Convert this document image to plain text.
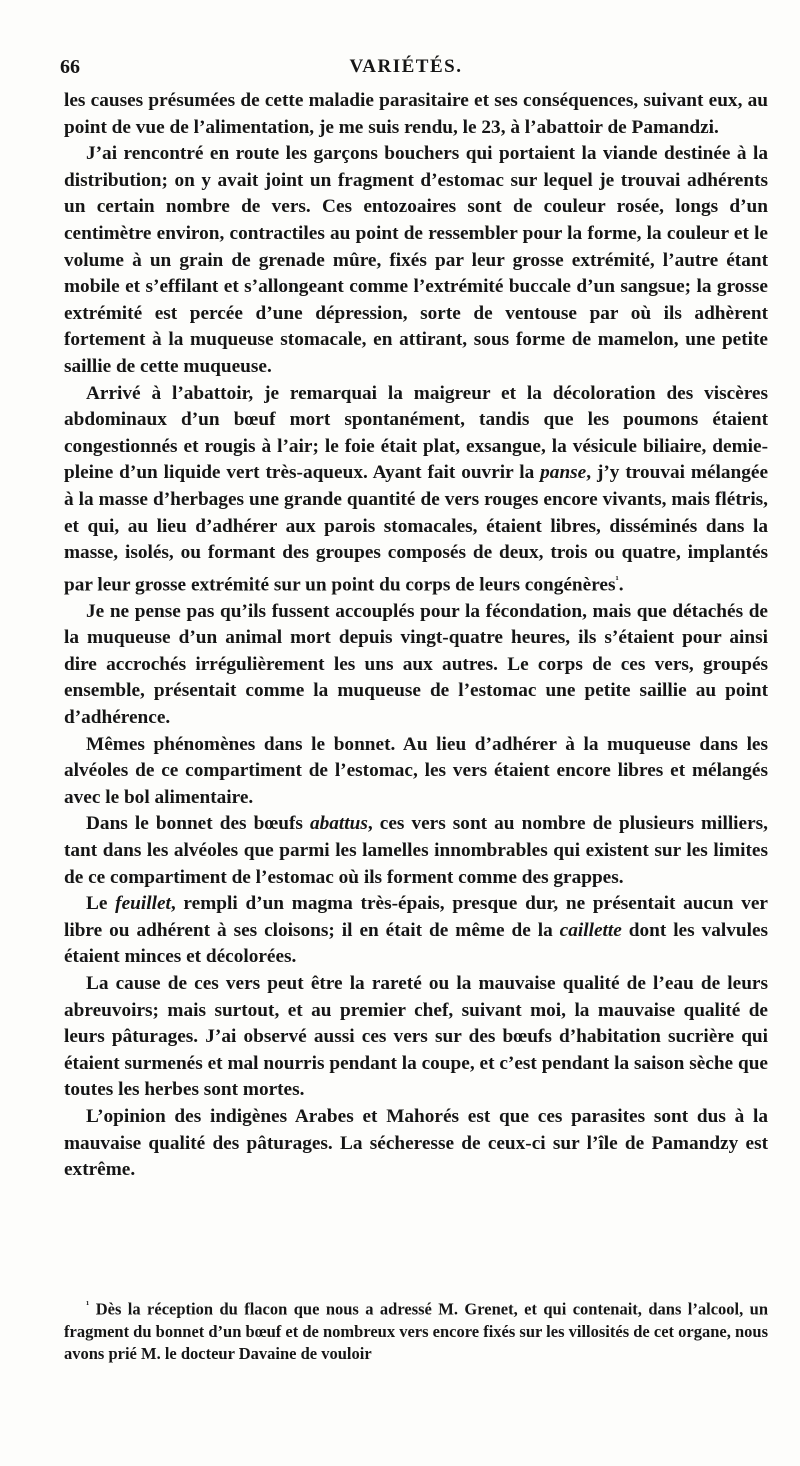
66	VARIÉTÉS.

les causes présumées de cette maladie parasitaire et ses conséquences, suivant eux, au point de vue de l’alimentation, je me suis rendu, le 23, à l’abattoir de Pamandzi.

J’ai rencontré en route les garçons bouchers qui portaient la viande destinée à la distribution; on y avait joint un fragment d’estomac sur lequel je trouvai adhérents un certain nombre de vers. Ces entozoaires sont de couleur rosée, longs d’un centimètre environ, contractiles au point de ressembler pour la forme, la couleur et le volume à un grain de grenade mûre, fixés par leur grosse extrémité, l’autre étant mobile et s’effilant et s’allongeant comme l’extrémité buccale d’un sangsue; la grosse extrémité est percée d’une dépression, sorte de ventouse par où ils adhèrent fortement à la muqueuse stomacale, en attirant, sous forme de mamelon, une petite saillie de cette muqueuse.

Arrivé à l’abattoir, je remarquai la maigreur et la décoloration des viscères abdominaux d’un bœuf mort spontanément, tandis que les poumons étaient congestionnés et rougis à l’air; le foie était plat, exsangue, la vésicule biliaire, demie-pleine d’un liquide vert très-aqueux. Ayant fait ouvrir la panse, j’y trouvai mélangée à la masse d’herbages une grande quantité de vers rouges encore vivants, mais flétris, et qui, au lieu d’adhérer aux parois stomacales, étaient libres, disséminés dans la masse, isolés, ou formant des groupes composés de deux, trois ou quatre, implantés par leur grosse extrémité sur un point du corps de leurs congénères$^{^1}$.

Je ne pense pas qu’ils fussent accouplés pour la fécondation, mais que détachés de la muqueuse d’un animal mort depuis vingt-quatre heures, ils s’étaient pour ainsi dire accrochés irrégulièrement les uns aux autres. Le corps de ces vers, groupés ensemble, présentait comme la muqueuse de l’estomac une petite saillie au point d’adhérence.

Mêmes phénomènes dans le bonnet. Au lieu d’adhérer à la muqueuse dans les alvéoles de ce compartiment de l’estomac, les vers étaient encore libres et mélangés avec le bol alimentaire.

Dans le bonnet des bœufs abattus, ces vers sont au nombre de plusieurs milliers, tant dans les alvéoles que parmi les lamelles innombrables qui existent sur les limites de ce compartiment de l’estomac où ils forment comme des grappes.

Le feuillet, rempli d’un magma très-épais, presque dur, ne présentait aucun ver libre ou adhérent à ses cloisons; il en était de même de la caillette dont les valvules étaient minces et décolorées.

La cause de ces vers peut être la rareté ou la mauvaise qualité de l’eau de leurs abreuvoirs; mais surtout, et au premier chef, suivant moi, la mauvaise qualité de leurs pâturages. J’ai observé aussi ces vers sur des bœufs d’habitation sucrière qui étaient surmenés et mal nourris pendant la coupe, et c’est pendant la saison sèche que toutes les herbes sont mortes.

L’opinion des indigènes Arabes et Mahorés est que ces parasites sont dus à la mauvaise qualité des pâturages. La sécheresse de ceux-ci sur l’île de Pamandzy est extrême.

$^{^1}$ Dès la réception du flacon que nous a adressé M. Grenet, et qui contenait, dans l’alcool, un fragment du bonnet d’un bœuf et de nombreux vers encore fixés sur les villosités de cet organe, nous avons prié M. le docteur Davaine de vouloir
